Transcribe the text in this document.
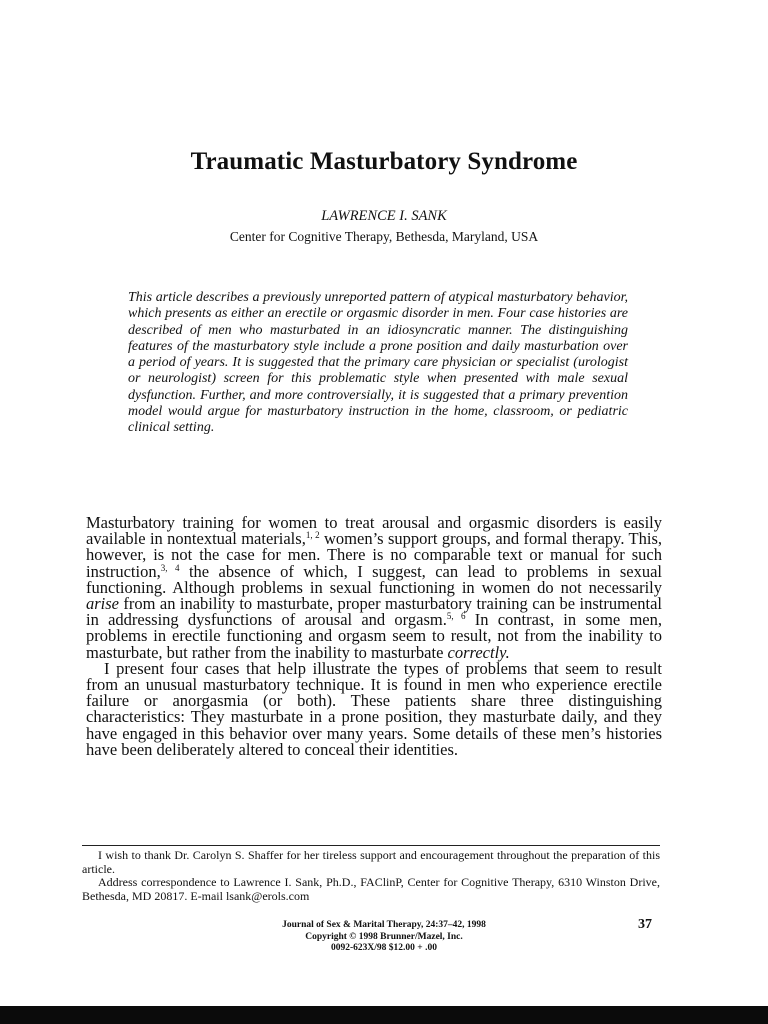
Traumatic Masturbatory Syndrome
LAWRENCE I. SANK
Center for Cognitive Therapy, Bethesda, Maryland, USA
This article describes a previously unreported pattern of atypical masturbatory behavior, which presents as either an erectile or orgasmic disorder in men. Four case histories are described of men who masturbated in an idiosyncratic manner. The distinguishing features of the masturbatory style include a prone position and daily masturbation over a period of years. It is suggested that the primary care physician or specialist (urologist or neurologist) screen for this problematic style when presented with male sexual dysfunction. Further, and more controversially, it is suggested that a primary prevention model would argue for masturbatory instruction in the home, classroom, or pediatric clinical setting.

Masturbatory training for women to treat arousal and orgasmic disorders is easily available in nontextual materials,$^{1, 2}$ women’s support groups, and formal therapy. This, however, is not the case for men. There is no comparable text or manual for such instruction,$^{3, 4}$ the absence of which, I suggest, can lead to problems in sexual functioning. Although problems in sexual functioning in women do not necessarily arise from an inability to masturbate, proper masturbatory training can be instrumental in addressing dysfunctions of arousal and orgasm.$^{5, 6}$ In contrast, in some men, problems in erectile functioning and orgasm seem to result, not from the inability to masturbate, but rather from the inability to masturbate correctly.

I present four cases that help illustrate the types of problems that seem to result from an unusual masturbatory technique. It is found in men who experience erectile failure or anorgasmia (or both). These patients share three distinguishing characteristics: They masturbate in a prone position, they masturbate daily, and they have engaged in this behavior over many years. Some details of these men’s histories have been deliberately altered to conceal their identities.

I wish to thank Dr. Carolyn S. Shaffer for her tireless support and encouragement throughout the preparation of this article.

Address correspondence to Lawrence I. Sank, Ph.D., FAClinP, Center for Cognitive Therapy, 6310 Winston Drive, Bethesda, MD 20817. E-mail lsank@erols.com

Journal of Sex & Marital Therapy, 24:37–42, 1998
Copyright © 1998 Brunner/Mazel, Inc.
0092-623X/98 $12.00 + .00
37
